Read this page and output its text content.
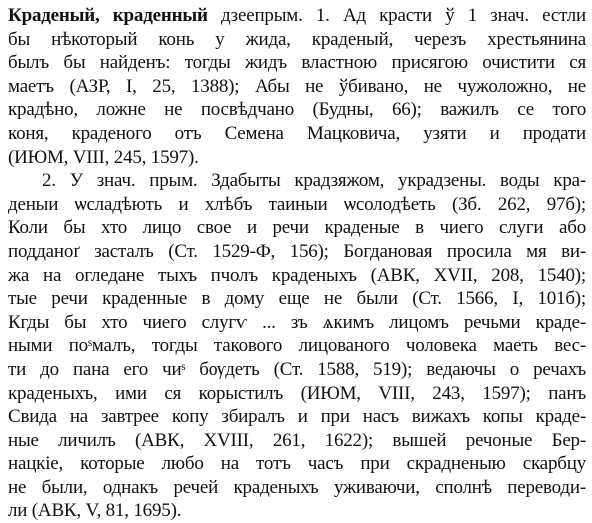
Краденый, краденный дзеепрым. 1. Ад красти ў 1 знач. естли
бы нѣкоторый конь у жида, краденый, черезъ хрестьянина
былъ бы найденъ: тогды жидъ властною присягою очистити ся
маетъ (АЗР, I, 25, 1388); Абы не ўбивано, не чужоложно, не
крадѣно, ложне не посвѣдчано (Будны, 66); важилъ се того
коня, краденого отъ Семена Мацковича, узяти и продати
(ИЮМ, VIII, 245, 1597).
2. У знач. прым. Здабыты крадзяжом, украдзены. воды кра-
деныи ѡсладѣють и хлѣбъ таиныи ѡсолодѣеть (Зб. 262, 97б);
Коли бы хто лицо свое и речи краденые в чиего слуги або
подданоґ засталъ (Ст. 1529-Ф, 156); Богдановая просила мя ви-
жа на огледане тыхъ пчолъ краденыхъ (АВК, XVII, 208, 1540);
тые речи краденные в дому еще не были (Ст. 1566, I, 101б);
Кгды бы хто чиего слугѵ ... зъ ѧкимъ лицомъ речьми краде-
ными поˢмалъ, тогды такового лицованого чоловека маеть вес-
ти до пана его чиˢ бѹдеть (Ст. 1588, 519); ведаючы о речахъ
краденыхъ, ими ся корыстилъ (ИЮМ, VIII, 243, 1597); панъ
Свида на завтрее копу збиралъ и при насъ вижахъ копы краде-
ные личилъ (АВК, XVIII, 261, 1622); вышей речоные Бер-
нацкіе, которые любо на тотъ часъ при скрадненыю скарбцу
не были, однакъ речей краденыхъ уживаючи, сполнѣ переводи-
ли (АВК, V, 81, 1695).
